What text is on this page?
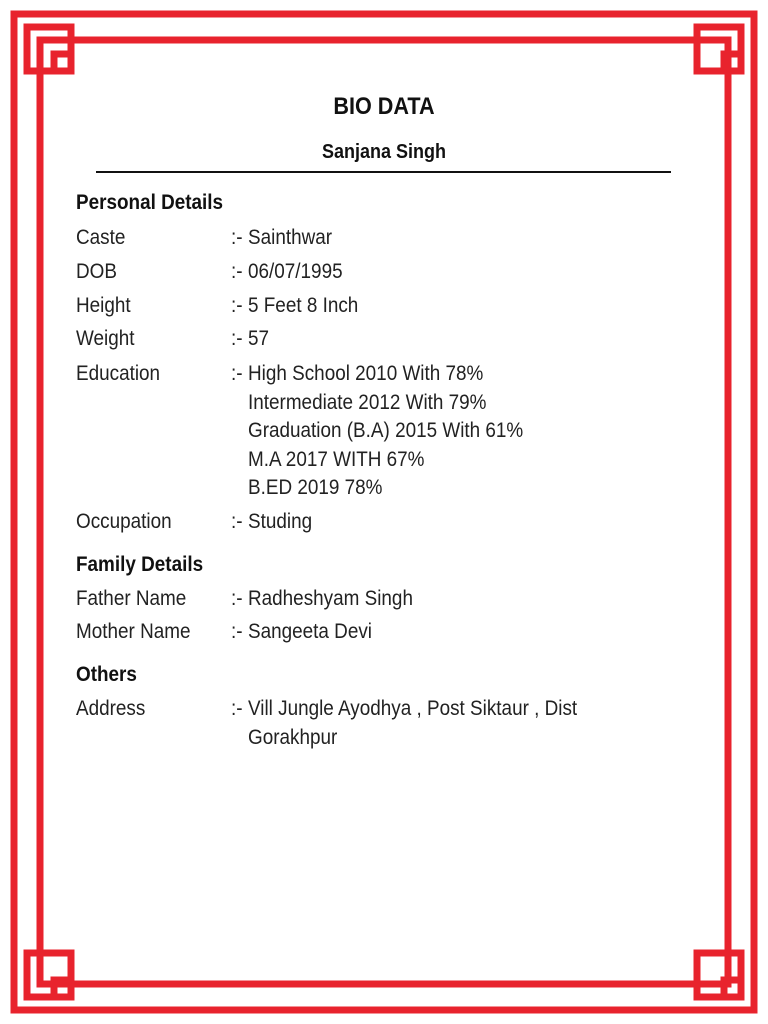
BIO DATA
Sanjana Singh
Personal Details
Caste	:- Sainthwar
DOB	:- 06/07/1995
Height	:- 5 Feet 8 Inch
Weight	:- 57
Education	:- High School 2010 With 78%
Intermediate 2012 With 79%
Graduation (B.A) 2015 With 61%
M.A 2017 WITH 67%
B.ED 2019 78%
Occupation	:- Studing
Family Details
Father Name :- Radheshyam Singh
Mother Name :- Sangeeta Devi
Others
Address	:- Vill Jungle Ayodhya , Post Siktaur , Dist
Gorakhpur
